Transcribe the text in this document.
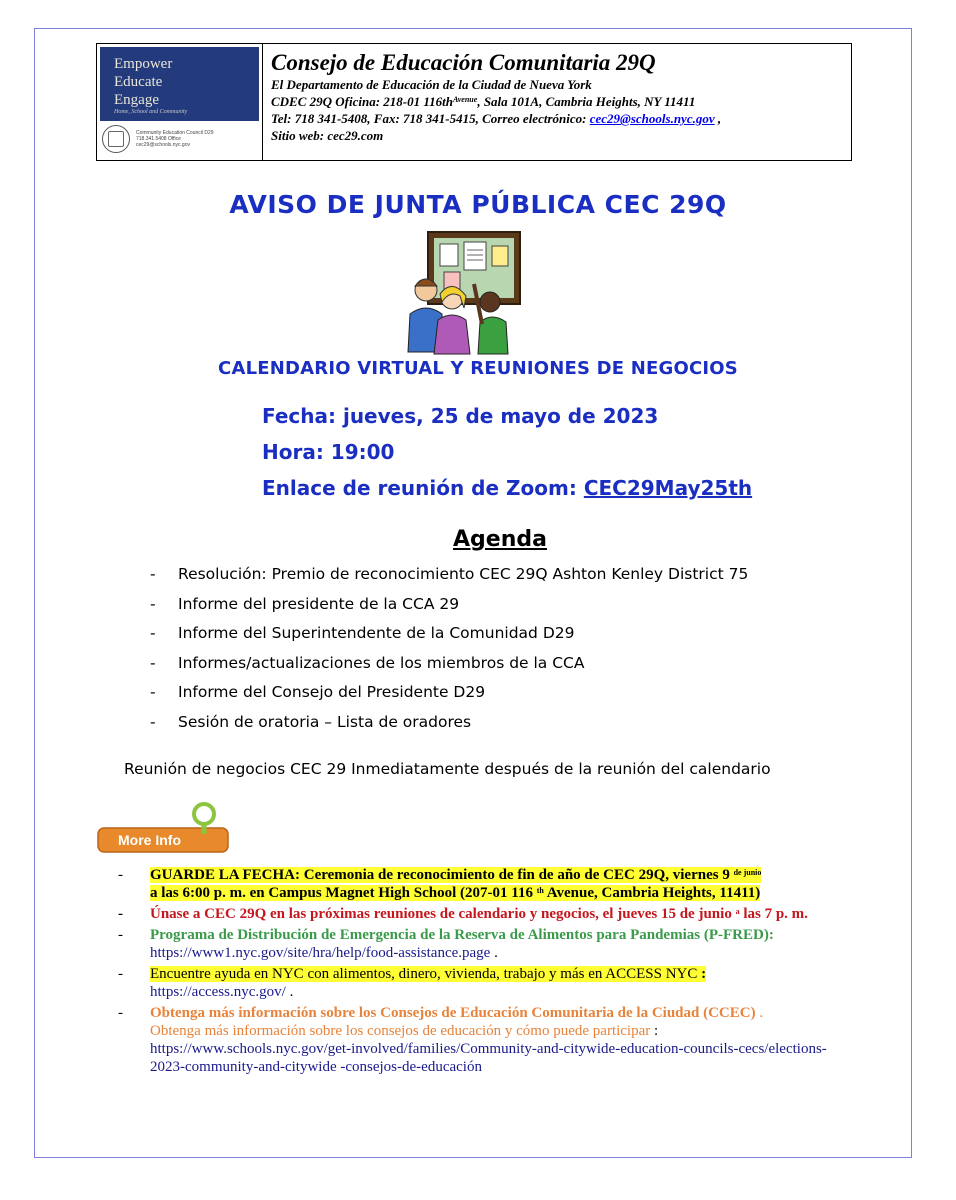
Empower
Educate
Engage
Home, School and Community
Community Education Council D29
718.341.5408 Office
cec29@schools.nyc.gov
Consejo de Educación Comunitaria 29Q
El Departamento de Educación de la Ciudad de Nueva York
CDEC 29Q Oficina: 218-01 $116th^{Avenue}$, Sala 101A, Cambria Heights, NY 11411
Tel: 718 341-5408, Fax: 718 341-5415, Correo electrónico: cec29@schools.nyc.gov ,
Sitio web: cec29.com
AVISO DE JUNTA PÚBLICA CEC 29Q
CALENDARIO VIRTUAL Y REUNIONES DE NEGOCIOS
Fecha: jueves, 25 de mayo de 2023
Hora: 19:00
Enlace de reunión de Zoom: CEC29May25th
Agenda
- Resolución: Premio de reconocimiento CEC 29Q Ashton Kenley District 75
- Informe del presidente de la CCA 29
- Informe del Superintendente de la Comunidad D29
- Informes/actualizaciones de los miembros de la CCA
- Informe del Consejo del Presidente D29
- Sesión de oratoria – Lista de oradores
Reunión de negocios CEC 29 Inmediatamente después de la reunión del calendario
More Info
- GUARDE LA FECHA: Ceremonia de reconocimiento de fin de año de CEC 29Q, viernes 9 $^{de junio}$
a las 6:00 p. m. en Campus Magnet High School (207-01 116 $^{th}$ Avenue, Cambria Heights, 11411)
- Únase a CEC 29Q en las próximas reuniones de calendario y negocios, el jueves 15 de junio $^a$ las 7 p. m.
- Programa de Distribución de Emergencia de la Reserva de Alimentos para Pandemias (P-FRED): https://www1.nyc.gov/site/hra/help/food-assistance.page .
- Encuentre ayuda en NYC con alimentos, dinero, vivienda, trabajo y más en ACCESS NYC :
https://access.nyc.gov/ .
- Obtenga más información sobre los Consejos de Educación Comunitaria de la Ciudad (CCEC) .
Obtenga más información sobre los consejos de educación y cómo puede participar :
https://www.schools.nyc.gov/get-involved/families/Community-and-citywide-education-councils-cecs/elections-2023-community-and-citywide -consejos-de-educación
